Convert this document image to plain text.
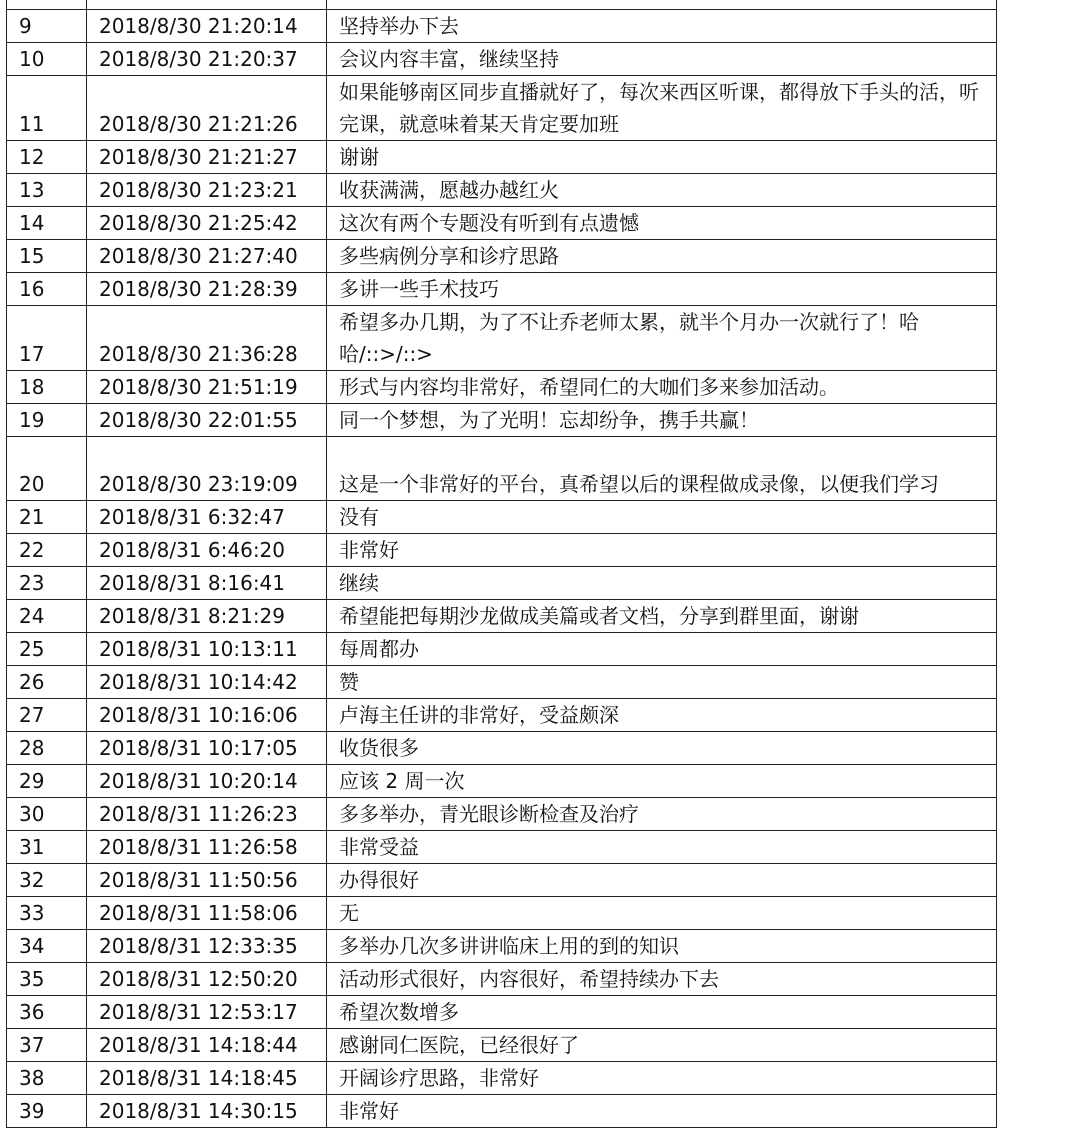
9	2018/8/30 21:20:14	坚持举办下去
10	2018/8/30 21:20:37	会议内容丰富，继续坚持
11	2018/8/30 21:21:26	如果能够南区同步直播就好了，每次来西区听课，都得放下手头的活，听完课，就意味着某天肯定要加班
12	2018/8/30 21:21:27	谢谢
13	2018/8/30 21:23:21	收获满满，愿越办越红火
14	2018/8/30 21:25:42	这次有两个专题没有听到有点遗憾
15	2018/8/30 21:27:40	多些病例分享和诊疗思路
16	2018/8/30 21:28:39	多讲一些手术技巧
17	2018/8/30 21:36:28	希望多办几期，为了不让乔老师太累，就半个月办一次就行了！哈哈/::>/::>
18	2018/8/30 21:51:19	形式与内容均非常好，希望同仁的大咖们多来参加活动。
19	2018/8/30 22:01:55	同一个梦想，为了光明！忘却纷争，携手共赢！
20	2018/8/30 23:19:09	这是一个非常好的平台，真希望以后的课程做成录像，以便我们学习
21	2018/8/31 6:32:47	没有
22	2018/8/31 6:46:20	非常好
23	2018/8/31 8:16:41	继续
24	2018/8/31 8:21:29	希望能把每期沙龙做成美篇或者文档，分享到群里面，谢谢
25	2018/8/31 10:13:11	每周都办
26	2018/8/31 10:14:42	赞
27	2018/8/31 10:16:06	卢海主任讲的非常好，受益颇深
28	2018/8/31 10:17:05	收货很多
29	2018/8/31 10:20:14	应该 2 周一次
30	2018/8/31 11:26:23	多多举办，青光眼诊断检查及治疗
31	2018/8/31 11:26:58	非常受益
32	2018/8/31 11:50:56	办得很好
33	2018/8/31 11:58:06	无
34	2018/8/31 12:33:35	多举办几次多讲讲临床上用的到的知识
35	2018/8/31 12:50:20	活动形式很好，内容很好，希望持续办下去
36	2018/8/31 12:53:17	希望次数增多
37	2018/8/31 14:18:44	感谢同仁医院，已经很好了
38	2018/8/31 14:18:45	开阔诊疗思路，非常好
39	2018/8/31 14:30:15	非常好
